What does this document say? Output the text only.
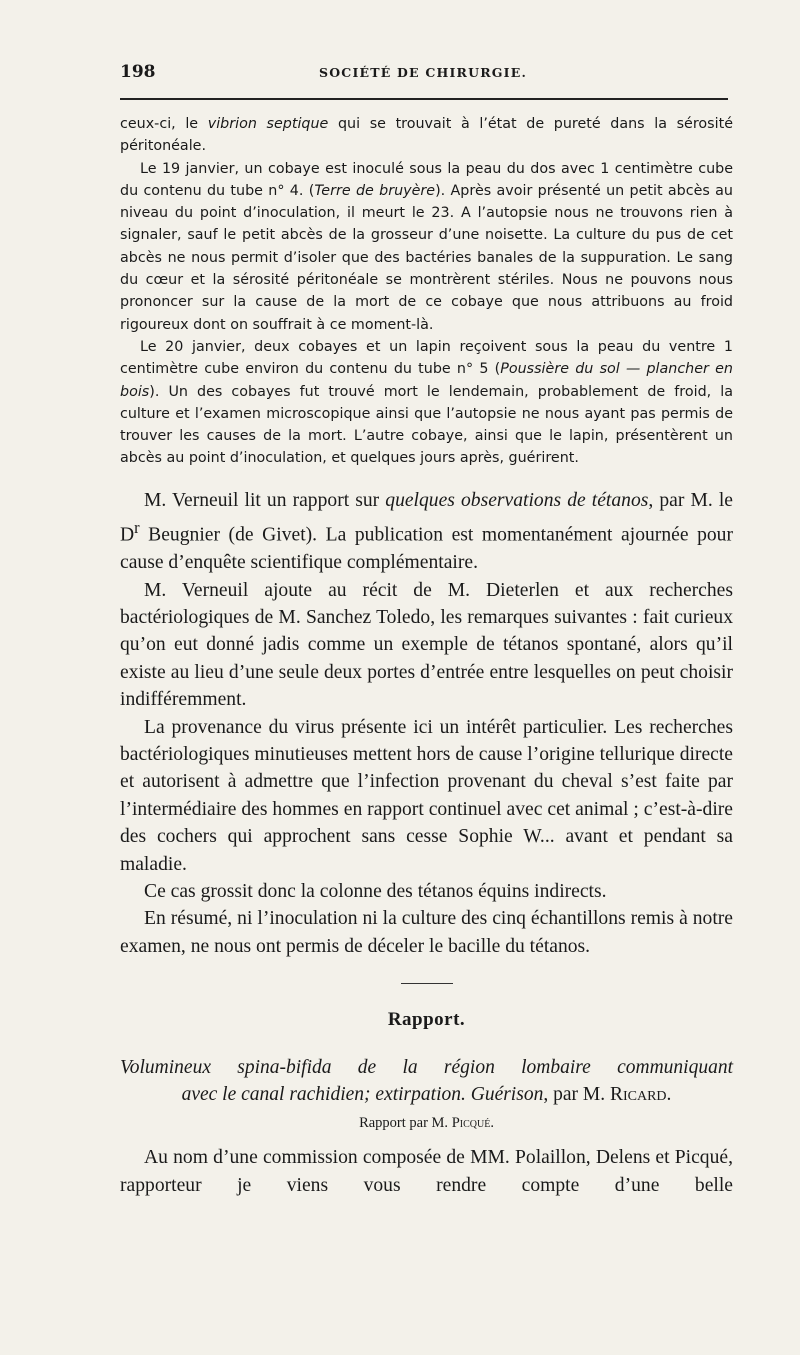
198	SOCIÉTÉ DE CHIRURGIE.

ceux-ci, le vibrion septique qui se trouvait à l’état de pureté dans la sérosité péritonéale.

Le 19 janvier, un cobaye est inoculé sous la peau du dos avec 1 centimètre cube du contenu du tube n° 4. (Terre de bruyère). Après avoir présenté un petit abcès au niveau du point d’inoculation, il meurt le 23. A l’autopsie nous ne trouvons rien à signaler, sauf le petit abcès de la grosseur d’une noisette. La culture du pus de cet abcès ne nous permit d’isoler que des bactéries banales de la suppuration. Le sang du cœur et la sérosité péritonéale se montrèrent stériles. Nous ne pouvons nous prononcer sur la cause de la mort de ce cobaye que nous attribuons au froid rigoureux dont on souffrait à ce moment-là.

Le 20 janvier, deux cobayes et un lapin reçoivent sous la peau du ventre 1 centimètre cube environ du contenu du tube n° 5 (Poussière du sol — plancher en bois). Un des cobayes fut trouvé mort le lendemain, probablement de froid, la culture et l’examen microscopique ainsi que l’autopsie ne nous ayant pas permis de trouver les causes de la mort. L’autre cobaye, ainsi que le lapin, présentèrent un abcès au point d’inoculation, et quelques jours après, guérirent.

M. Verneuil lit un rapport sur quelques observations de tétanos, par M. le $D^r$ Beugnier (de Givet). La publication est momentanément ajournée pour cause d’enquête scientifique complémentaire.

M. Verneuil ajoute au récit de M. Dieterlen et aux recherches bactériologiques de M. Sanchez Toledo, les remarques suivantes : fait curieux qu’on eut donné jadis comme un exemple de tétanos spontané, alors qu’il existe au lieu d’une seule deux portes d’entrée entre lesquelles on peut choisir indifféremment.

La provenance du virus présente ici un intérêt particulier. Les recherches bactériologiques minutieuses mettent hors de cause l’origine tellurique directe et autorisent à admettre que l’infection provenant du cheval s’est faite par l’intermédiaire des hommes en rapport continuel avec cet animal ; c’est-à-dire des cochers qui approchent sans cesse Sophie W... avant et pendant sa maladie.

Ce cas grossit donc la colonne des tétanos équins indirects.

En résumé, ni l’inoculation ni la culture des cinq échantillons remis à notre examen, ne nous ont permis de déceler le bacille du tétanos.

Rapport.
Volumineux spina-bifida de la région lombaire communiquant
avec le canal rachidien; extirpation. Guérison, par M. Ricard.
Rapport par M. Picqué.

Au nom d’une commission composée de MM. Polaillon, Delens et Picqué, rapporteur je viens vous rendre compte d’une belle
